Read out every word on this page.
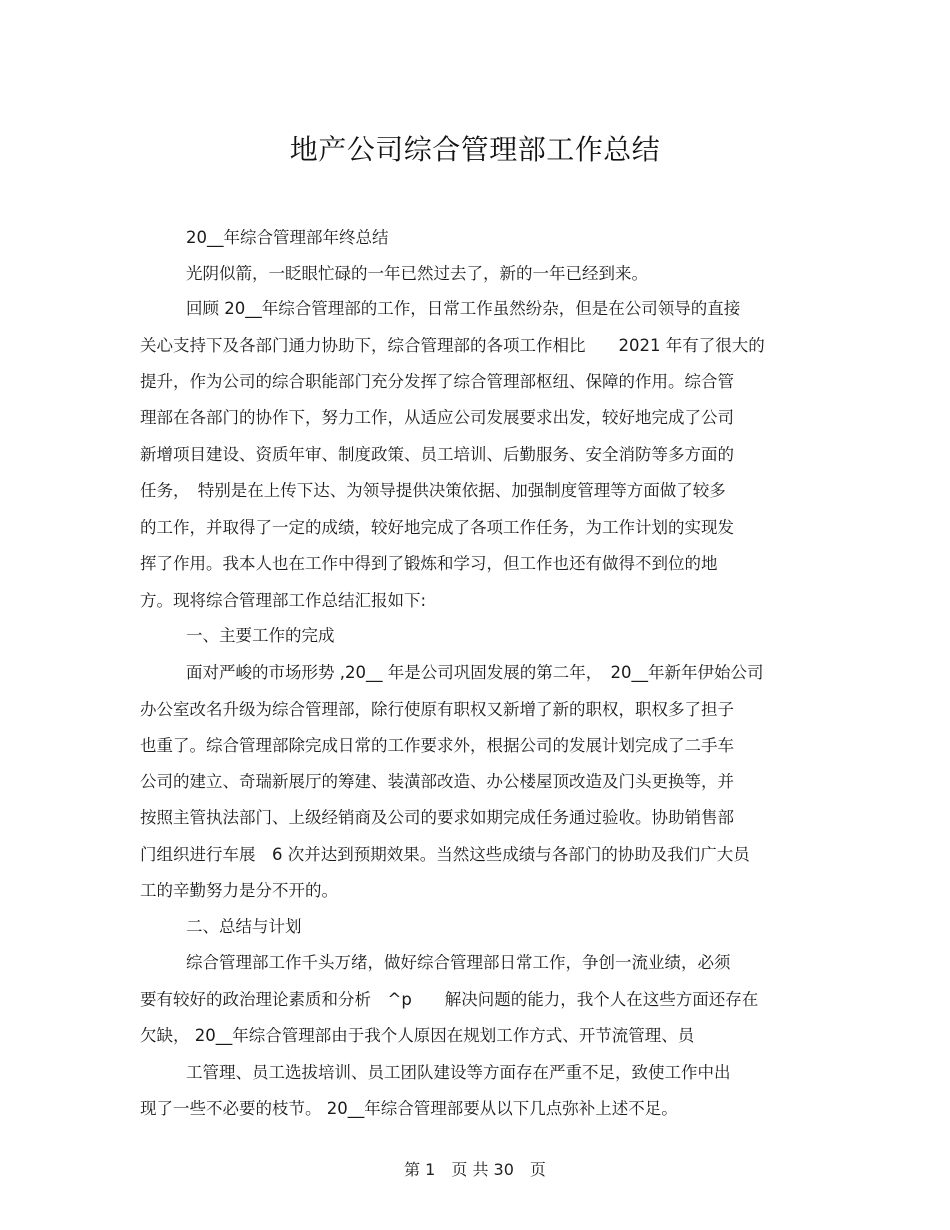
地产公司综合管理部工作总结
20__年综合管理部年终总结
光阴似箭，一眨眼忙碌的一年已然过去了，新的一年已经到来。
回顾 20__年综合管理部的工作，日常工作虽然纷杂，但是在公司领导的直接
关心支持下及各部门通力协助下，综合管理部的各项工作相比　　2021 年有了很大的
提升，作为公司的综合职能部门充分发挥了综合管理部枢纽、保障的作用。综合管
理部在各部门的协作下，努力工作，从适应公司发展要求出发，较好地完成了公司
新增项目建设、资质年审、制度政策、员工培训、后勤服务、安全消防等多方面的
任务，　特别是在上传下达、为领导提供决策依据、加强制度管理等方面做了较多
的工作，并取得了一定的成绩，较好地完成了各项工作任务，为工作计划的实现发
挥了作用。我本人也在工作中得到了锻炼和学习，但工作也还有做得不到位的地
方。现将综合管理部工作总结汇报如下:
一、主要工作的完成
面对严峻的市场形势 ,20__ 年是公司巩固发展的第二年，　20__年新年伊始公司
办公室改名升级为综合管理部，除行使原有职权又新增了新的职权，职权多了担子
也重了。综合管理部除完成日常的工作要求外，根据公司的发展计划完成了二手车
公司的建立、奇瑞新展厅的筹建、装潢部改造、办公楼屋顶改造及门头更换等，并
按照主管执法部门、上级经销商及公司的要求如期完成任务通过验收。协助销售部
门组织进行车展　6 次并达到预期效果。当然这些成绩与各部门的协助及我们广大员
工的辛勤努力是分不开的。
二、总结与计划
综合管理部工作千头万绪，做好综合管理部日常工作，争创一流业绩，必须
要有较好的政治理论素质和分析　^p　　解决问题的能力，我个人在这些方面还存在
欠缺， 20__年综合管理部由于我个人原因在规划工作方式、开节流管理、员
工管理、员工选拔培训、员工团队建设等方面存在严重不足，致使工作中出
现了一些不必要的枝节。 20__年综合管理部要从以下几点弥补上述不足。
第 1　页 共 30　页
